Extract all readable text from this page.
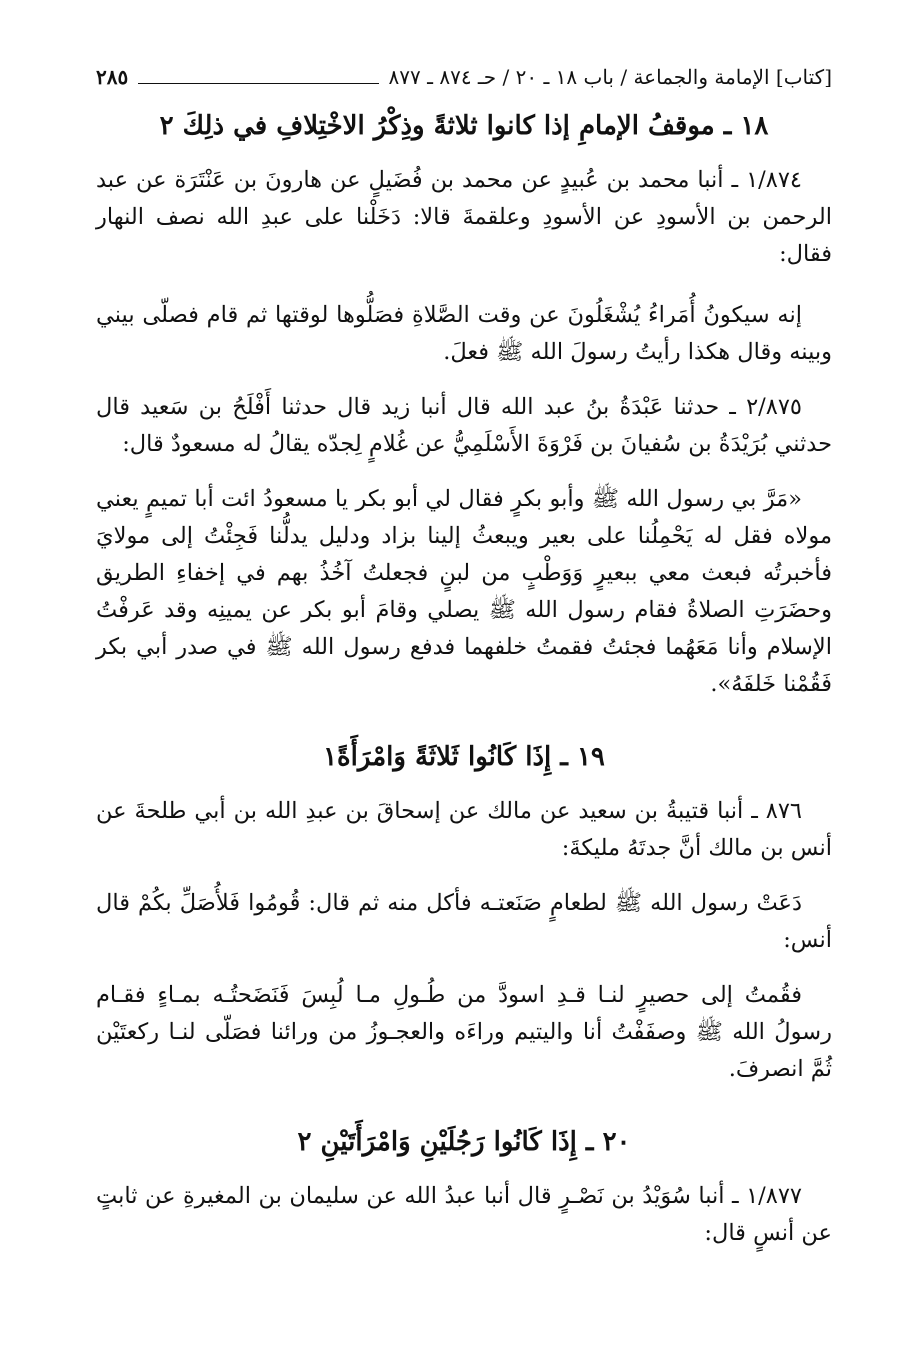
[كتاب] الإمامة والجماعة / باب ١٨ ـ ٢٠ / حـ ٨٧٤ ـ ٨٧٧
٢٨٥
١٨ ـ موقفُ الإمامِ إذا كانوا ثلاثةً وذِكْرُ الاخْتِلافِ في ذلِكَ ٢

١/٨٧٤ ـ أنبا محمد بن عُبيدٍ عن محمد بن فُضَيلٍ عن هارونَ بن عَنْتَرَة عن عبد الرحمن بن الأسودِ عن الأسودِ وعلقمةَ قالا: دَخَلْنا على عبدِ الله نصف النهار فقال:

إنه سيكونُ أُمَراءُ يُشْغَلُونَ عن وقت الصَّلاةِ فصَلُّوها لوقتها ثم قام فصلّى بيني وبينه وقال هكذا رأيتُ رسولَ الله ﷺ فعلَ.

٢/٨٧٥ ـ حدثنا عَبْدَةُ بنُ عبد الله قال أنبا زيد قال حدثنا أَفْلَحُ بن سَعيد قال حدثني بُرَيْدَةُ بن سُفيانَ بن فَرْوَةَ الأَسْلَمِيُّ عن غُلامٍ لِجدّه يقالُ له مسعودٌ قال:

«مَرَّ بي رسول الله ﷺ وأبو بكرٍ فقال لي أبو بكر يا مسعودُ ائت أبا تميمٍ يعني مولاه فقل له يَحْمِلُنا على بعير ويبعثُ إلينا بزاد ودليل يدلُّنا فَجِئْتُ إلى مولايَ فأخبرتُه فبعث معي ببعيرٍ وَوَطْبٍ من لبنٍ فجعلتُ آخُذُ بهم في إخفاءِ الطريق وحضَرَتِ الصلاةُ فقام رسول الله ﷺ يصلي وقامَ أبو بكر عن يمينِه وقد عَرفْتُ الإسلام وأنا مَعَهُما فجئتُ فقمتُ خلفهما فدفع رسول الله ﷺ في صدر أبي بكر فَقُمْنا خَلفَهُ».

١٩ ـ إِذَا كَانُوا ثَلاثَةً وَامْرَأَةً١

٨٧٦ ـ أنبا قتيبةُ بن سعيد عن مالك عن إسحاقَ بن عبدِ الله بن أبي طلحةَ عن أنس بن مالك أنَّ جدتَهُ مليكةَ:

دَعَتْ رسول الله ﷺ لطعامٍ صَنَعتـه فأكل منه ثم قال: قُومُوا فَلأُصَلِّ بكُمْ قال أنس:

فقُمتُ إلى حصيرٍ لنـا قـدِ اسودَّ من طُـولِ مـا لُبِسَ فَنَضَحتُـه بمـاءٍ فقـام رسولُ الله ﷺ وصفَفْتُ أنا واليتيم وراءَه والعجـوزُ من ورائنا فصَلّى لنـا ركعتَيْن ثُمَّ انصرفَ.

٢٠ ـ إِذَا كَانُوا رَجُلَيْنِ وَامْرَأَتَيْنِ ٢

١/٨٧٧ ـ أنبا سُوَيْدُ بن نَصْـرٍ قال أنبا عبدُ الله عن سليمان بن المغيرةِ عن ثابتٍ عن أنسٍ قال:
